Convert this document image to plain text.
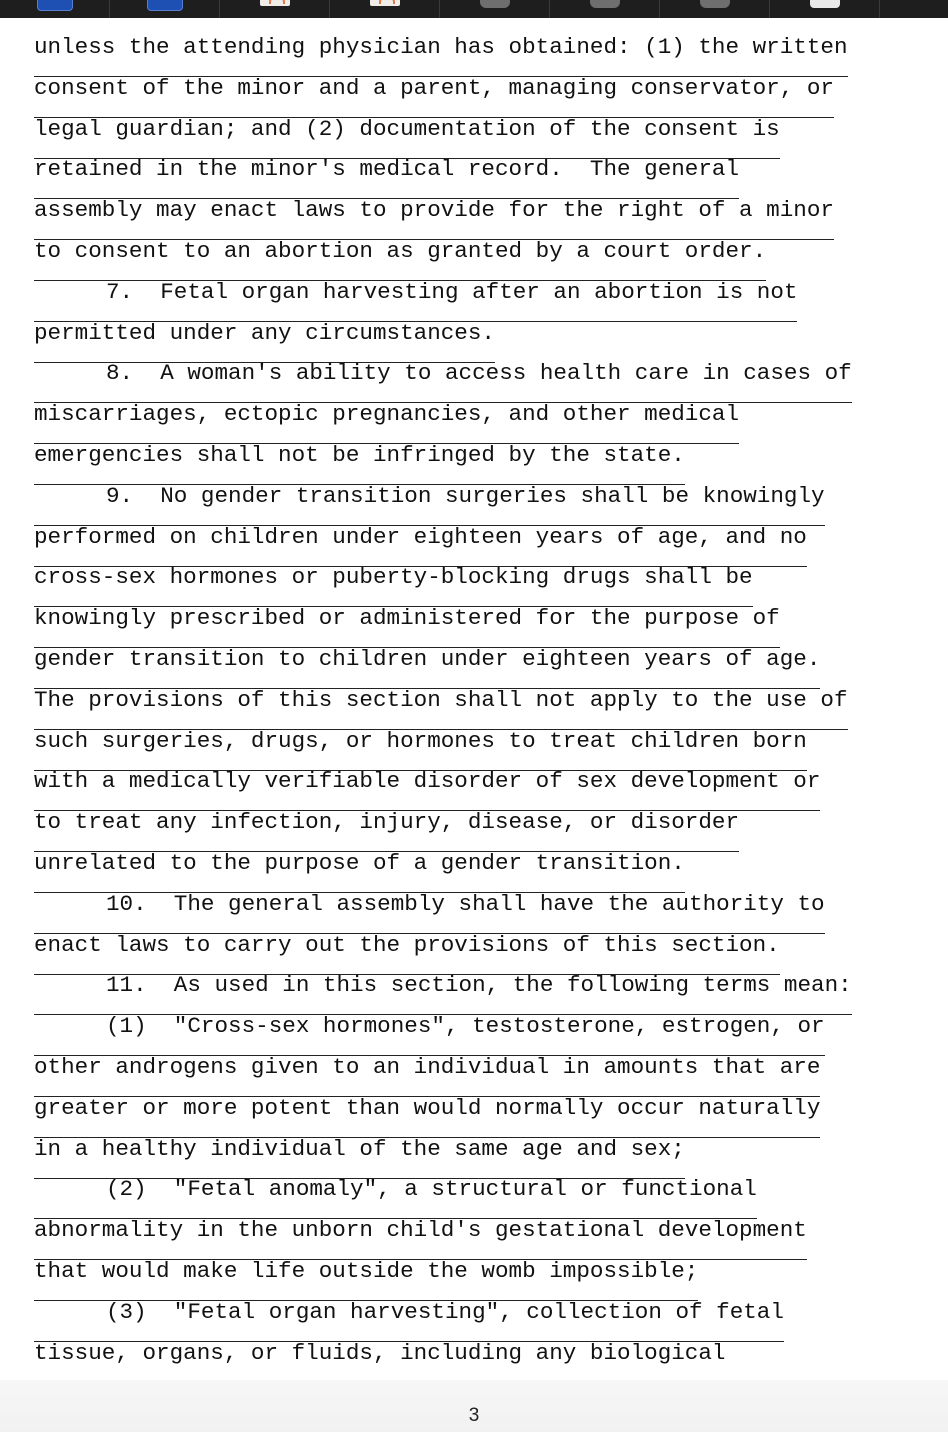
unless the attending physician has obtained: (1) the written
consent of the minor and a parent, managing conservator, or
legal guardian; and (2) documentation of the consent is
retained in the minor's medical record.  The general
assembly may enact laws to provide for the right of a minor
to consent to an abortion as granted by a court order.
7.  Fetal organ harvesting after an abortion is not
permitted under any circumstances.
8.  A woman's ability to access health care in cases of
miscarriages, ectopic pregnancies, and other medical
emergencies shall not be infringed by the state.
9.  No gender transition surgeries shall be knowingly
performed on children under eighteen years of age, and no
cross-sex hormones or puberty-blocking drugs shall be
knowingly prescribed or administered for the purpose of
gender transition to children under eighteen years of age.
The provisions of this section shall not apply to the use of
such surgeries, drugs, or hormones to treat children born
with a medically verifiable disorder of sex development or
to treat any infection, injury, disease, or disorder
unrelated to the purpose of a gender transition.
10.  The general assembly shall have the authority to
enact laws to carry out the provisions of this section.
11.  As used in this section, the following terms mean:
(1)  "Cross-sex hormones", testosterone, estrogen, or
other androgens given to an individual in amounts that are
greater or more potent than would normally occur naturally
in a healthy individual of the same age and sex;
(2)  "Fetal anomaly", a structural or functional
abnormality in the unborn child's gestational development
that would make life outside the womb impossible;
(3)  "Fetal organ harvesting", collection of fetal
tissue, organs, or fluids, including any biological
3
